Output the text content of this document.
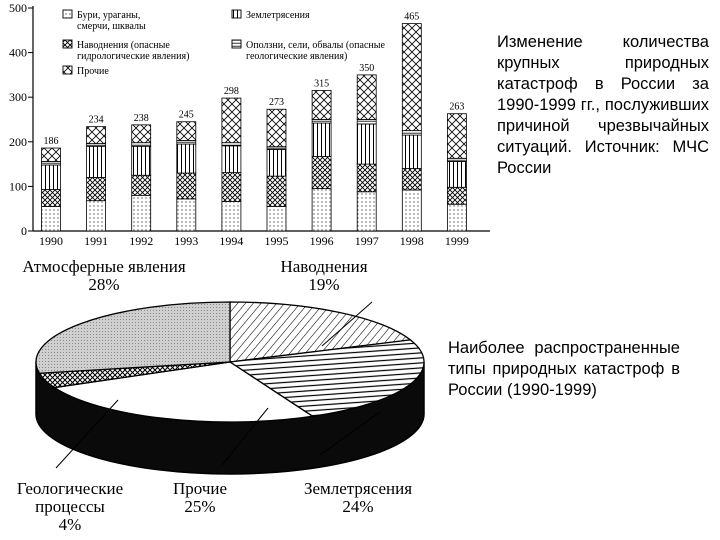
0
100
200
300
400
500
1990 1991 1992 1993 1994 1995 1996 1997 1998 1999
Буpи, ураганы, смерчи, шквалы
Наводнения (опасные гидрологические явления)
Землетрясения
Оползни, сели, обвалы (опасные геологические явления)
Прочие
186
234	238	245
298
273
315
350
465
263
Наводнения
19%
Землетрясения
24%
Прочие
25%
Геологические
процессы
4%
Атмосферные явления
28%
Изменение количества крупных природных катастроф в России за 1990-1999 гг., послуживших причиной чрезвычайных ситуаций. Источник: МЧС России
Наиболее распространенные типы природных катастроф в России (1990-1999)
